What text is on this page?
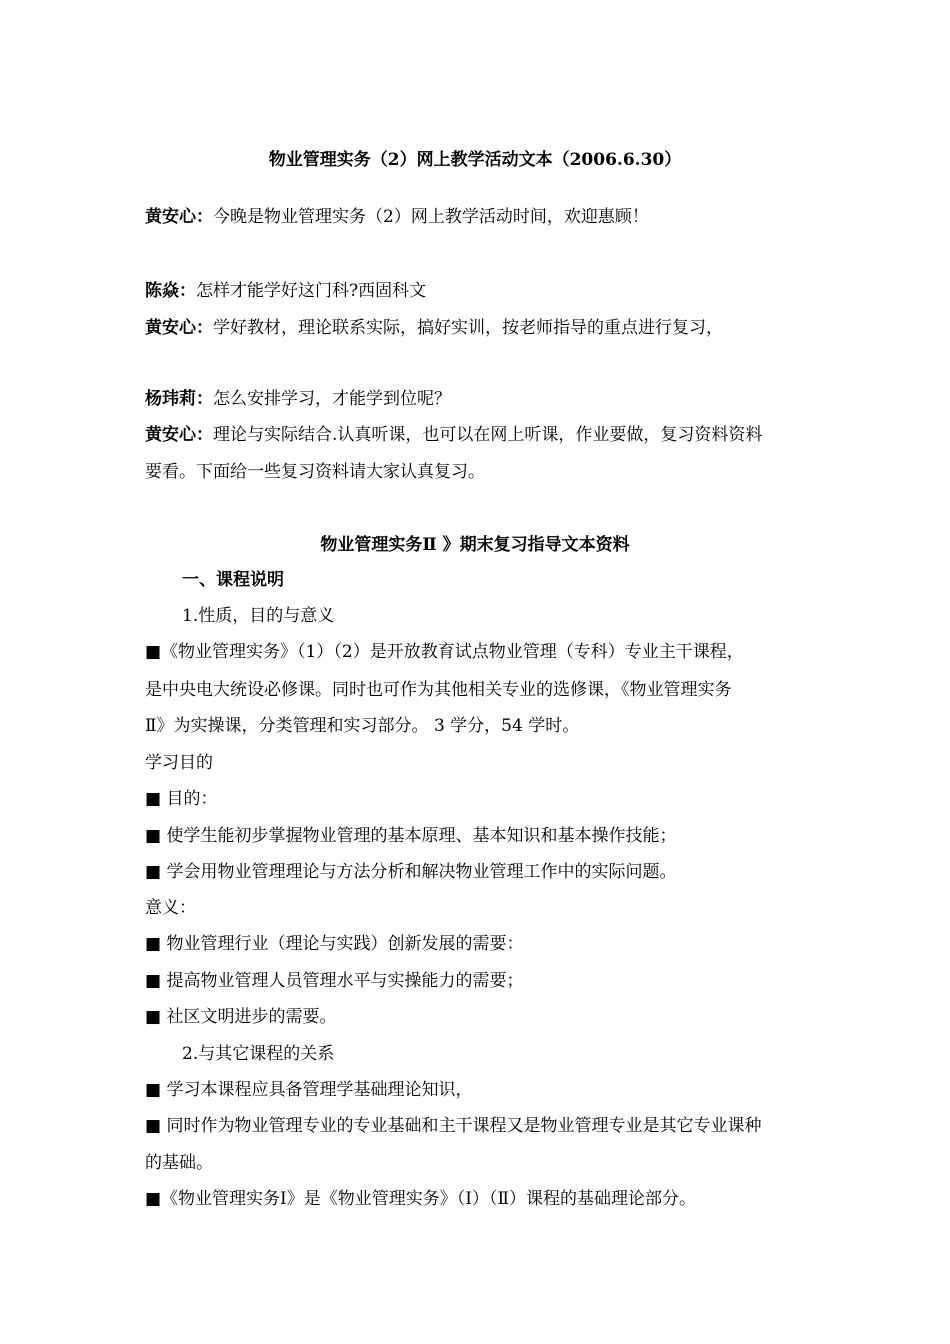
物业管理实务（2）网上教学活动文本（2006.6.30）
黄安心：今晚是物业管理实务（2）网上教学活动时间，欢迎惠顾！
陈焱：怎样才能学好这门科?西固科文
黄安心：学好教材，理论联系实际，搞好实训，按老师指导的重点进行复习，
杨玮莉：怎么安排学习，才能学到位呢？
黄安心：理论与实际结合.认真听课，也可以在网上听课，作业要做，复习资料资料
要看。下面给一些复习资料请大家认真复习。
物业管理实务Ⅱ 》期末复习指导文本资料
一、课程说明
1.性质，目的与意义
■《物业管理实务》（1）（2）是开放教育试点物业管理（专科）专业主干课程，
是中央电大统设必修课。同时也可作为其他相关专业的选修课，《物业管理实务
Ⅱ》为实操课，分类管理和实习部分。 3 学分，54 学时。
学习目的
■ 目的：
■ 使学生能初步掌握物业管理的基本原理、基本知识和基本操作技能；
■ 学会用物业管理理论与方法分析和解决物业管理工作中的实际问题。
意义：
■ 物业管理行业（理论与实践）创新发展的需要：
■ 提高物业管理人员管理水平与实操能力的需要；
■ 社区文明进步的需要。
2.与其它课程的关系
■ 学习本课程应具备管理学基础理论知识，
■ 同时作为物业管理专业的专业基础和主干课程又是物业管理专业是其它专业课种
的基础。
■《物业管理实务Ⅰ》是《物业管理实务》（Ⅰ）（Ⅱ）课程的基础理论部分。
